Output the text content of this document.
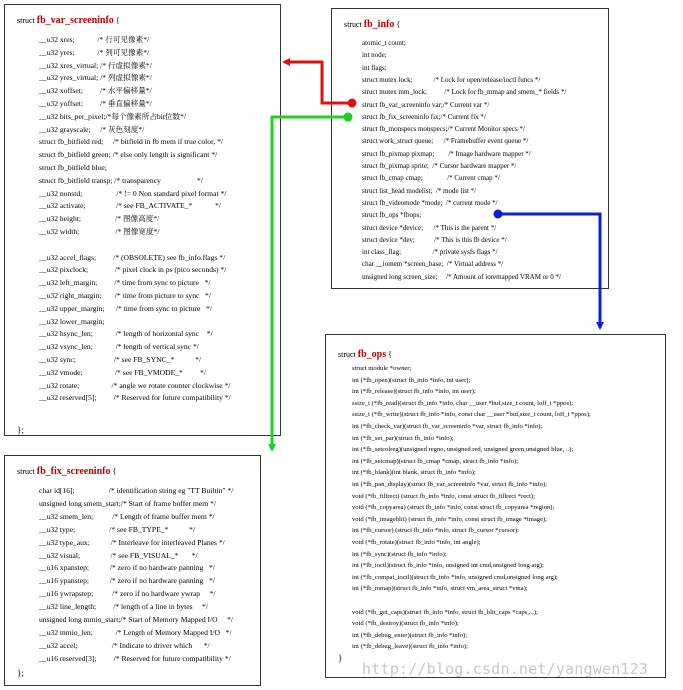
struct fb_var_screeninfo {
__u32 xres;            /* 行可见像素*/
__u32 yres;            /* 列可见像素*/
__u32 xres_virtual; /* 行虚拟像素*/
__u32 yres_virtual; /* 列虚拟像素*/
__u32 xoffset;         /* 水平偏移量*/
__u32 yoffset;         /* 垂直偏移量*/
__u32 bits_per_pixel;/*每个像素所占bit位数*/
__u32 grayscale;     /* 灰色刻度*/
struct fb_bitfield red;     /* bitfield in fb mem if true color, */
struct fb_bitfield green; /* else only length is significant */
struct fb_bitfield blue;
struct fb_bitfield transp; /* transparency                   */
__u32 nonstd;                  /* != 0 Non standard pixel format */
__u32 activate;                /* see FB_ACTIVATE_*            */
__u32 height;                  /* 图像高度*/
__u32 width;                   /* 图像宽度*/
__u32 accel_flags;         /* (OBSOLETE) see fb_info.flags */
__u32 pixclock;              /* pixel clock in ps (pico seconds) */
__u32 left_margin;         /* time from sync to picture   */
__u32 right_margin;       /* time from picture to sync   */
__u32 upper_margin;      /* time from sync to picture   */
__u32 lower_margin;
__u32 hsync_len;            /* length of horizontal sync    */
__u32 vsync_len;            /* length of vertical sync */
__u32 sync;                    /* see FB_SYNC_*           */
__u32 vmode;                 /* see FB_VMODE_*         */
__u32 rotate;                 /* angle we rotate counter clockwise */
__u32 reserved[5];         /* Reserved for future compatibility */
};
struct fb_fix_screeninfo {
char id[16];                  /* identification string eg "TT Builtin" */
unsigned long smem_start;/* Start of frame buffer mem */
__u32 smem_len;          /* Length of frame buffer mem */
__u32 type;                  /* see FB_TYPE_*           */
__u32 type_aux;           /* Interleave for interleaved Planes */
__u32 visual;                /* see FB_VISUAL_*       */
__u16 xpanstep;           /* zero if no hardware panning   */
__u16 ypanstep;           /* zero if no hardware panning   */
__u16 ywrapstep;          /* zero if no hardware ywrap     */
__u32 line_length;         /* length of a line in bytes     */
unsigned long mmio_start;/* Start of Memory Mapped I/O     */
__u32 mmio_len;            /* Length of Memory Mapped I/O   */
__u32 accel;                  /* Indicate to driver which      */
__u16 reserved[3];         /* Reserved for future compatibility */
};
struct fb_info {
atomic_t count;
int node;
int flags;
struct mutex lock;            /* Lock for open/release/ioctl funcs */
struct mutex mm_lock;          /* Lock for fb_mmap and smem_* fields */
struct fb_var_screeninfo var;/* Current var */
struct fb_fix_screeninfo fix;/* Current fix */
struct fb_monspecs monspecs;/* Current Monitor specs */
struct work_struct queue;      /* Framebuffer event queue */
struct fb_pixmap pixmap;        /* Image hardware mapper */
struct fb_pixmap sprite;  /* Cursor hardware mapper */
struct fb_cmap cmap;              /* Current cmap */
struct list_head modelist;  /* mode list */
struct fb_videomode *mode;  /* current mode */
struct fb_ops *fbops;
struct device *device;      /* This is the parent */
struct device *dev;           /* This is this fb device */
int class_flag;                  /* private sysfs flags */
char __iomem *screen_base;  /* Virtual address */
unsigned long screen_size;     /* Amount of ioremapped VRAM or 0 */
struct fb_ops {
struct module *owner;
int (*fb_open)(struct fb_info *info, int user);
int (*fb_release)(struct fb_info *info, int user);
ssize_t (*fb_read)(struct fb_info *info, char __user *buf,size_t count, loff_t *ppos);
ssize_t (*fb_write)(struct fb_info *info, const char __user *buf,size_t count, loff_t *ppos);
int (*fb_check_var)(struct fb_var_screeninfo *var, struct fb_info *info);
int (*fb_set_par)(struct fb_info *info);
int (*fb_setcolreg)(unsigned regno, unsigned red, unsigned green,unsigned blue, ..);
int (*fb_setcmap)(struct fb_cmap *cmap, struct fb_info *info);
int (*fb_blank)(int blank, struct fb_info *info);
int (*fb_pan_display)(struct fb_var_screeninfo *var, struct fb_info *info);
void (*fb_fillrect) (struct fb_info *info, const struct fb_fillrect *rect);
void (*fb_copyarea) (struct fb_info *info, const struct fb_copyarea *region);
void (*fb_imageblit) (struct fb_info *info, const struct fb_image *image);
int (*fb_cursor) (struct fb_info *info, struct fb_cursor *cursor);
void (*fb_rotate)(struct fb_info *info, int angle);
int (*fb_sync)(struct fb_info *info);
int (*fb_ioctl)(struct fb_info *info, unsigned int cmd,unsigned long arg);
int (*fb_compat_ioctl)(struct fb_info *info, unsigned cmd,unsigned long arg);
int (*fb_mmap)(struct fb_info *info, struct vm_area_struct *vma);
void (*fb_get_caps)(struct fb_info *info, struct fb_blit_caps *caps,...);
void (*fb_destroy)(struct fb_info *info);
int (*fb_debug_enter)(struct fb_info *info);
int (*fb_debug_leave)(struct fb_info *info);
}
http://blog.csdn.net/yangwen123
